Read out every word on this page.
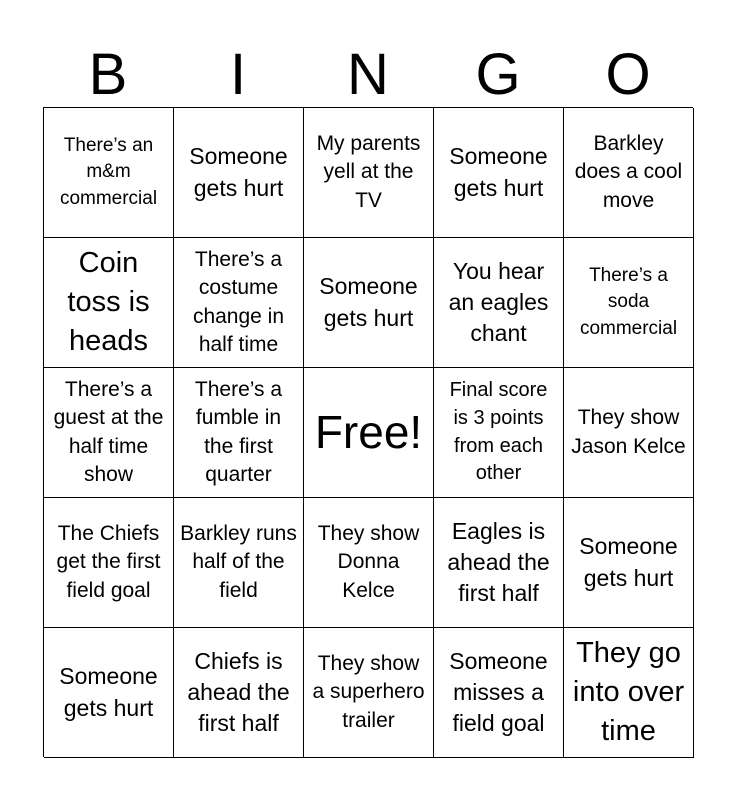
B	I	N	G	O
There’s an m&m commercial
Someone gets hurt
My parents yell at the TV
Someone gets hurt
Barkley does a cool move
Coin toss is heads
There’s a costume change in half time
Someone gets hurt
You hear an eagles chant
There’s a soda commercial
There’s a guest at the half time show
There’s a fumble in the first quarter
Free!
Final score is 3 points from each other
They show Jason Kelce
The Chiefs get the first field goal
Barkley runs half of the field
They show Donna Kelce
Eagles is ahead the first half
Someone gets hurt
Someone gets hurt
Chiefs is ahead the first half
They show a superhero trailer
Someone misses a field goal
They go into over time
